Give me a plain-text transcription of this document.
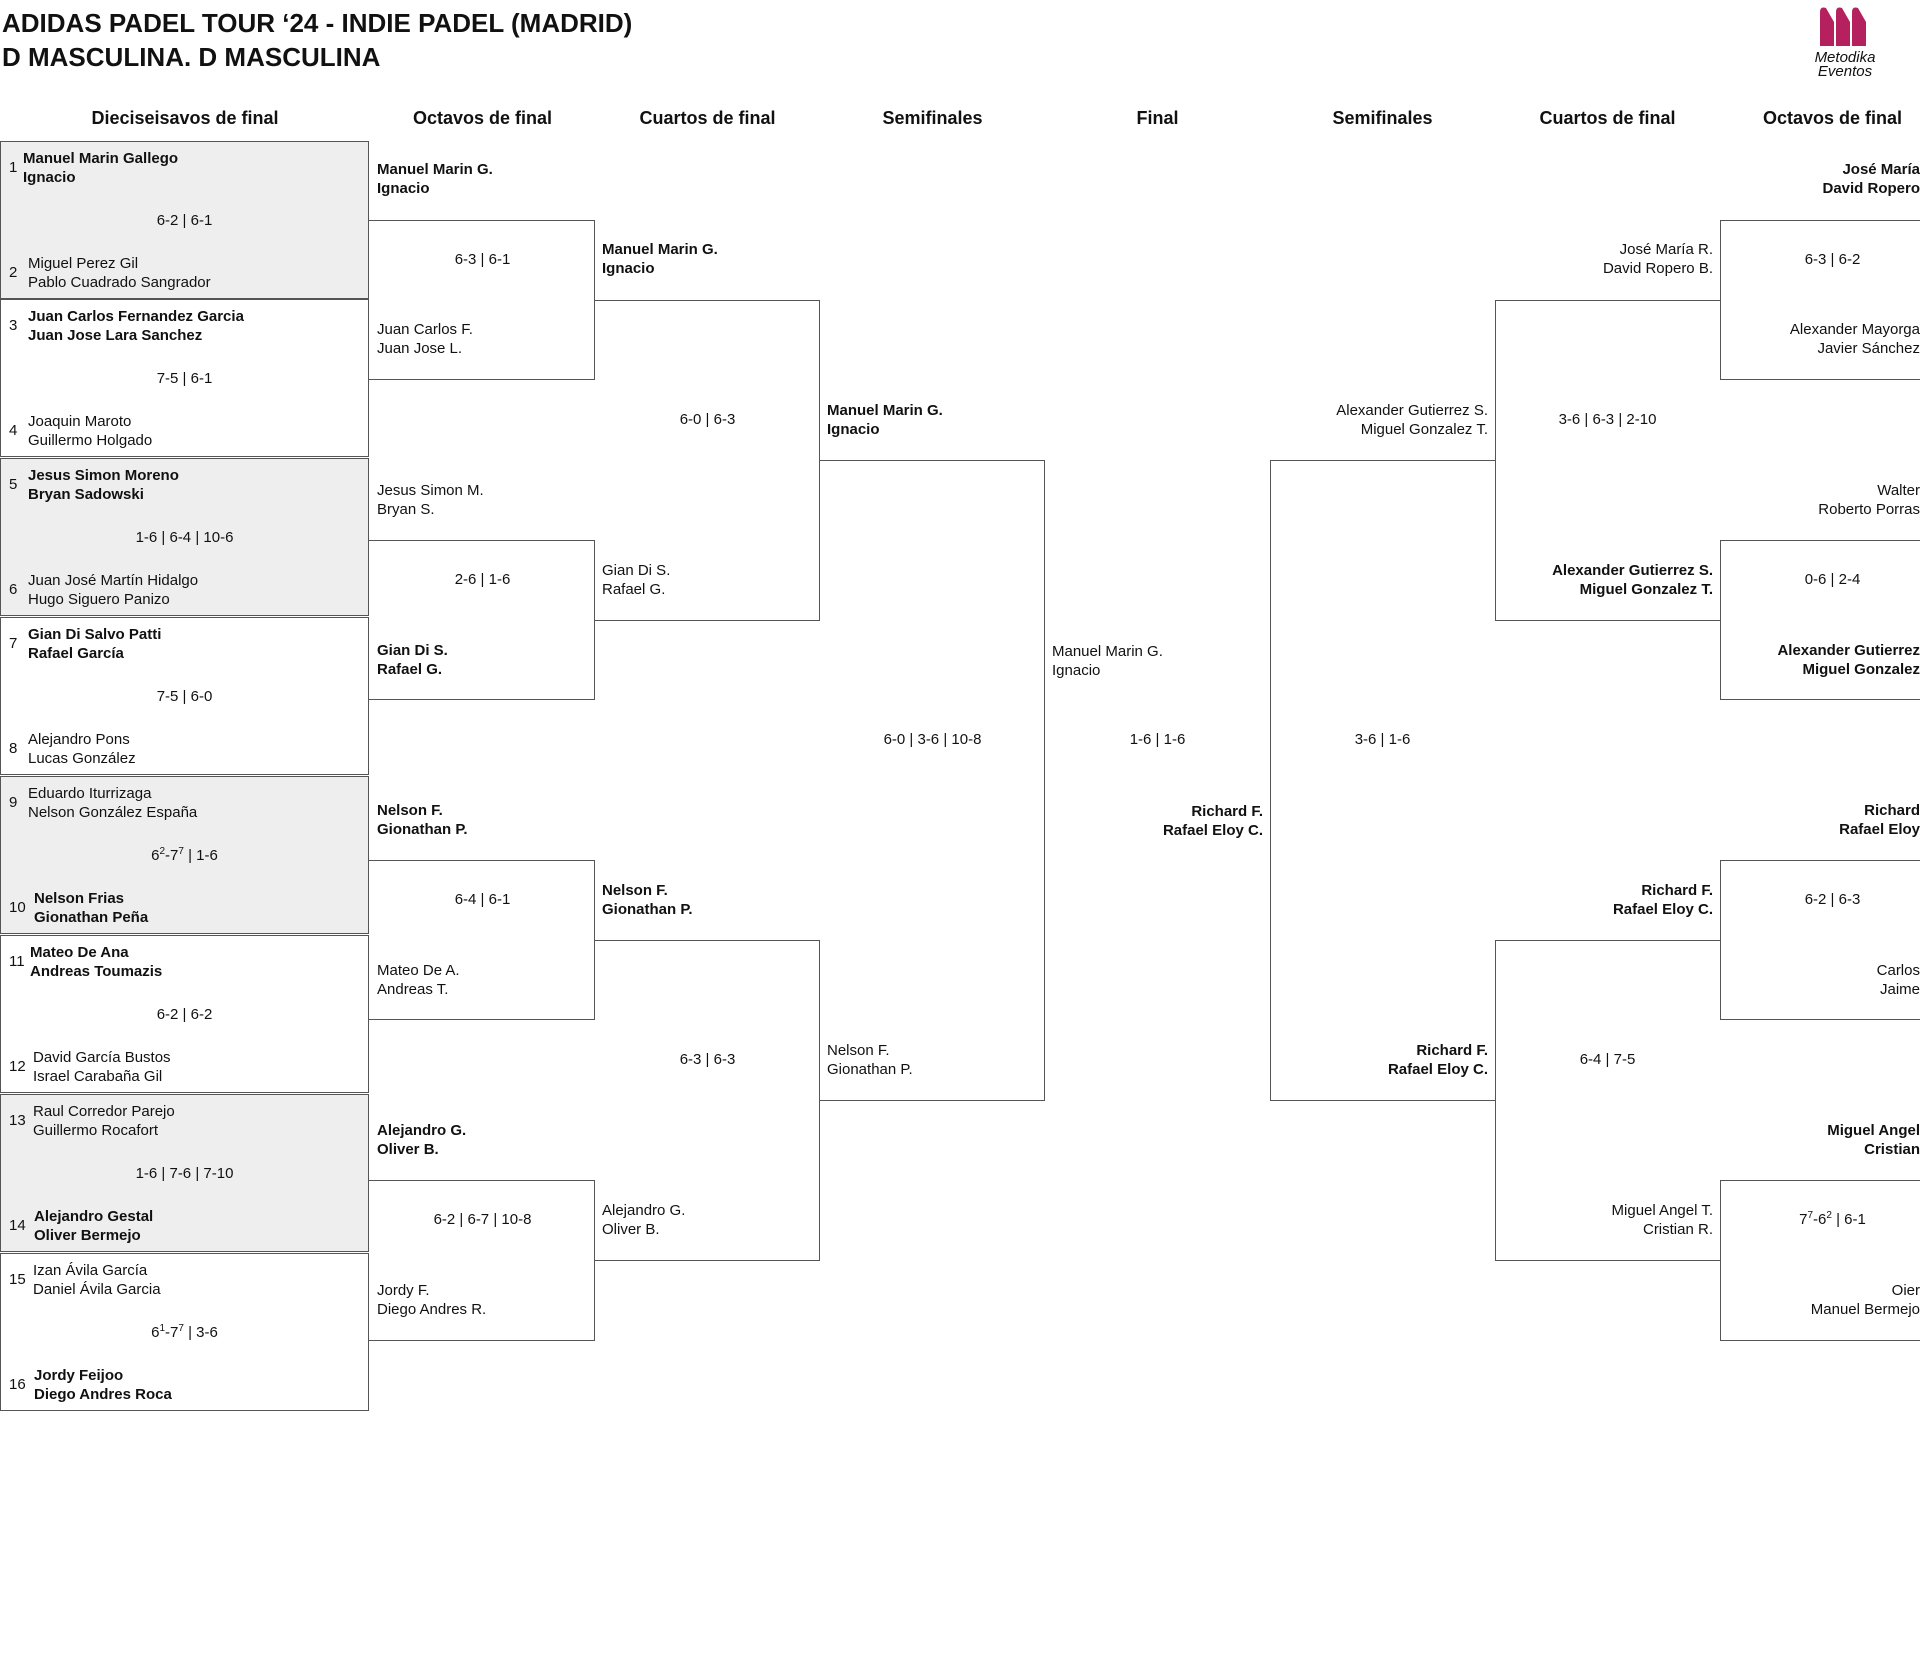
ADIDAS PADEL TOUR ‘24 - INDIE PADEL (MADRID)
D MASCULINA. D MASCULINA	Metodika
Eventos
Dieciseisavos de final	Octavos de final	Cuartos de final	Semifinales	Final	Semifinales	Cuartos de final	Octavos de final
1
Manuel Marin Gallego
Ignacio
6-2 | 6-1
2
Miguel Perez Gil
Pablo Cuadrado Sangrador
3
Juan Carlos Fernandez Garcia
Juan Jose Lara Sanchez
7-5 | 6-1
4
Joaquin Maroto
Guillermo Holgado
5
Jesus Simon Moreno
Bryan Sadowski
1-6 | 6-4 | 10-6
6
Juan José Martín Hidalgo
Hugo Siguero Panizo
7
Gian Di Salvo Patti
Rafael García
7-5 | 6-0
8
Alejandro Pons
Lucas González
9
Eduardo Iturrizaga
Nelson González España
$6^2-7^7$ | 1-6
10
Nelson Frias
Gionathan Peña
11
Mateo De Ana
Andreas Toumazis
6-2 | 6-2
12
David García Bustos
Israel Carabaña Gil
13
Raul Corredor Parejo
Guillermo Rocafort
1-6 | 7-6 | 7-10
14
Alejandro Gestal
Oliver Bermejo
15
Izan Ávila García
Daniel Ávila Garcia
$6^1-7^7$ | 3-6
16
Jordy Feijoo
Diego Andres Roca
Manuel Marin G.
Ignacio
6-3 | 6-1
Juan Carlos F.
Juan Jose L.
Jesus Simon M.
Bryan S.
2-6 | 1-6
Gian Di S.
Rafael G.
Nelson F.
Gionathan P.
6-4 | 6-1
Mateo De A.
Andreas T.
Alejandro G.
Oliver B.
6-2 | 6-7 | 10-8
Jordy F.
Diego Andres R.
Manuel Marin G.
Ignacio
6-0 | 6-3
Gian Di S.
Rafael G.
Nelson F.
Gionathan P.
6-3 | 6-3
Alejandro G.
Oliver B.
Manuel Marin G.
Ignacio
6-0 | 3-6 | 10-8
Nelson F.
Gionathan P.
Manuel Marin G.
Ignacio
1-6 | 1-6
Richard F.
Rafael Eloy C.
Alexander Gutierrez S.
Miguel Gonzalez T.
3-6 | 1-6
Richard F.
Rafael Eloy C.
José María R.
David Ropero B.
3-6 | 6-3 | 2-10
Alexander Gutierrez S.
Miguel Gonzalez T.
Richard F.
Rafael Eloy C.
6-4 | 7-5
Miguel Angel T.
Cristian R.
José María
David Ropero
6-3 | 6-2
Alexander Mayorga
Javier Sánchez
Walter
Roberto Porras
0-6 | 2-4
Alexander Gutierrez
Miguel Gonzalez
Richard
Rafael Eloy
6-2 | 6-3
Carlos
Jaime
Miguel Angel
Cristian
$7^7-6^2$ | 6-1
Oier
Manuel Bermejo
